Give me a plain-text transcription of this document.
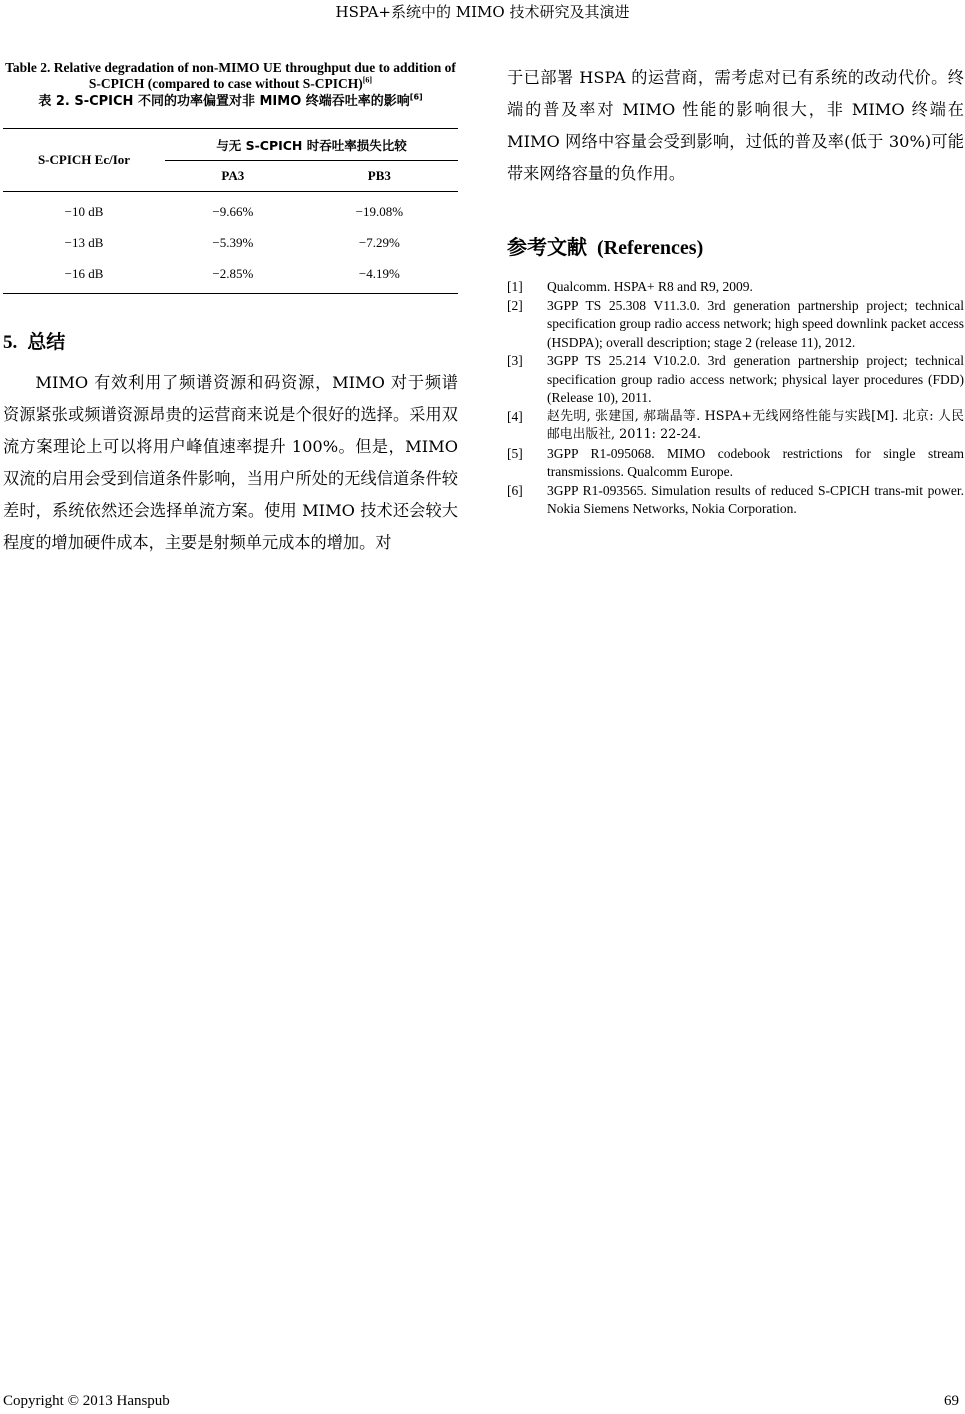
HSPA+系统中的 MIMO 技术研究及其演进
Table 2. Relative degradation of non-MIMO UE throughput due to addition of S-CPICH (compared to case without S-CPICH)[6]
表 2. S-CPICH 不同的功率偏置对非 MIMO 终端吞吐率的影响[6]
S-CPICH Ec/Ior	与无 S-CPICH 时吞吐率损失比较	
	PA3	PB3
−10 dB	−9.66%	−19.08%
−13 dB	−5.39%	−7.29%
−16 dB	−2.85%	−4.19%
5. 总结
MIMO 有效利用了频谱资源和码资源，MIMO 对于频谱资源紧张或频谱资源昂贵的运营商来说是个很好的选择。采用双流方案理论上可以将用户峰值速率提升 100%。但是，MIMO 双流的启用会受到信道条件影响，当用户所处的无线信道条件较差时，系统依然还会选择单流方案。使用 MIMO 技术还会较大程度的增加硬件成本，主要是射频单元成本的增加。对
于已部署 HSPA 的运营商，需考虑对已有系统的改动代价。终端的普及率对 MIMO 性能的影响很大，非 MIMO 终端在 MIMO 网络中容量会受到影响，过低的普及率(低于 30%)可能带来网络容量的负作用。
参考文献 (References)
[1]	Qualcomm. HSPA+ R8 and R9, 2009.
[2]	3GPP TS 25.308 V11.3.0. 3rd generation partnership project; technical specification group radio access network; high speed downlink packet access (HSDPA); overall description; stage 2 (release 11), 2012.
[3]	3GPP TS 25.214 V10.2.0. 3rd generation partnership project; technical specification group radio access network; physical layer procedures (FDD) (Release 10), 2011.
[4]	赵先明, 张建国, 郝瑞晶等. HSPA+无线网络性能与实践[M]. 北京: 人民邮电出版社, 2011: 22-24.
[5]	3GPP R1-095068. MIMO codebook restrictions for single stream transmissions. Qualcomm Europe.
[6]	3GPP R1-093565. Simulation results of reduced S-CPICH trans-mit power. Nokia Siemens Networks, Nokia Corporation.
Copyright © 2013 Hanspub	69
